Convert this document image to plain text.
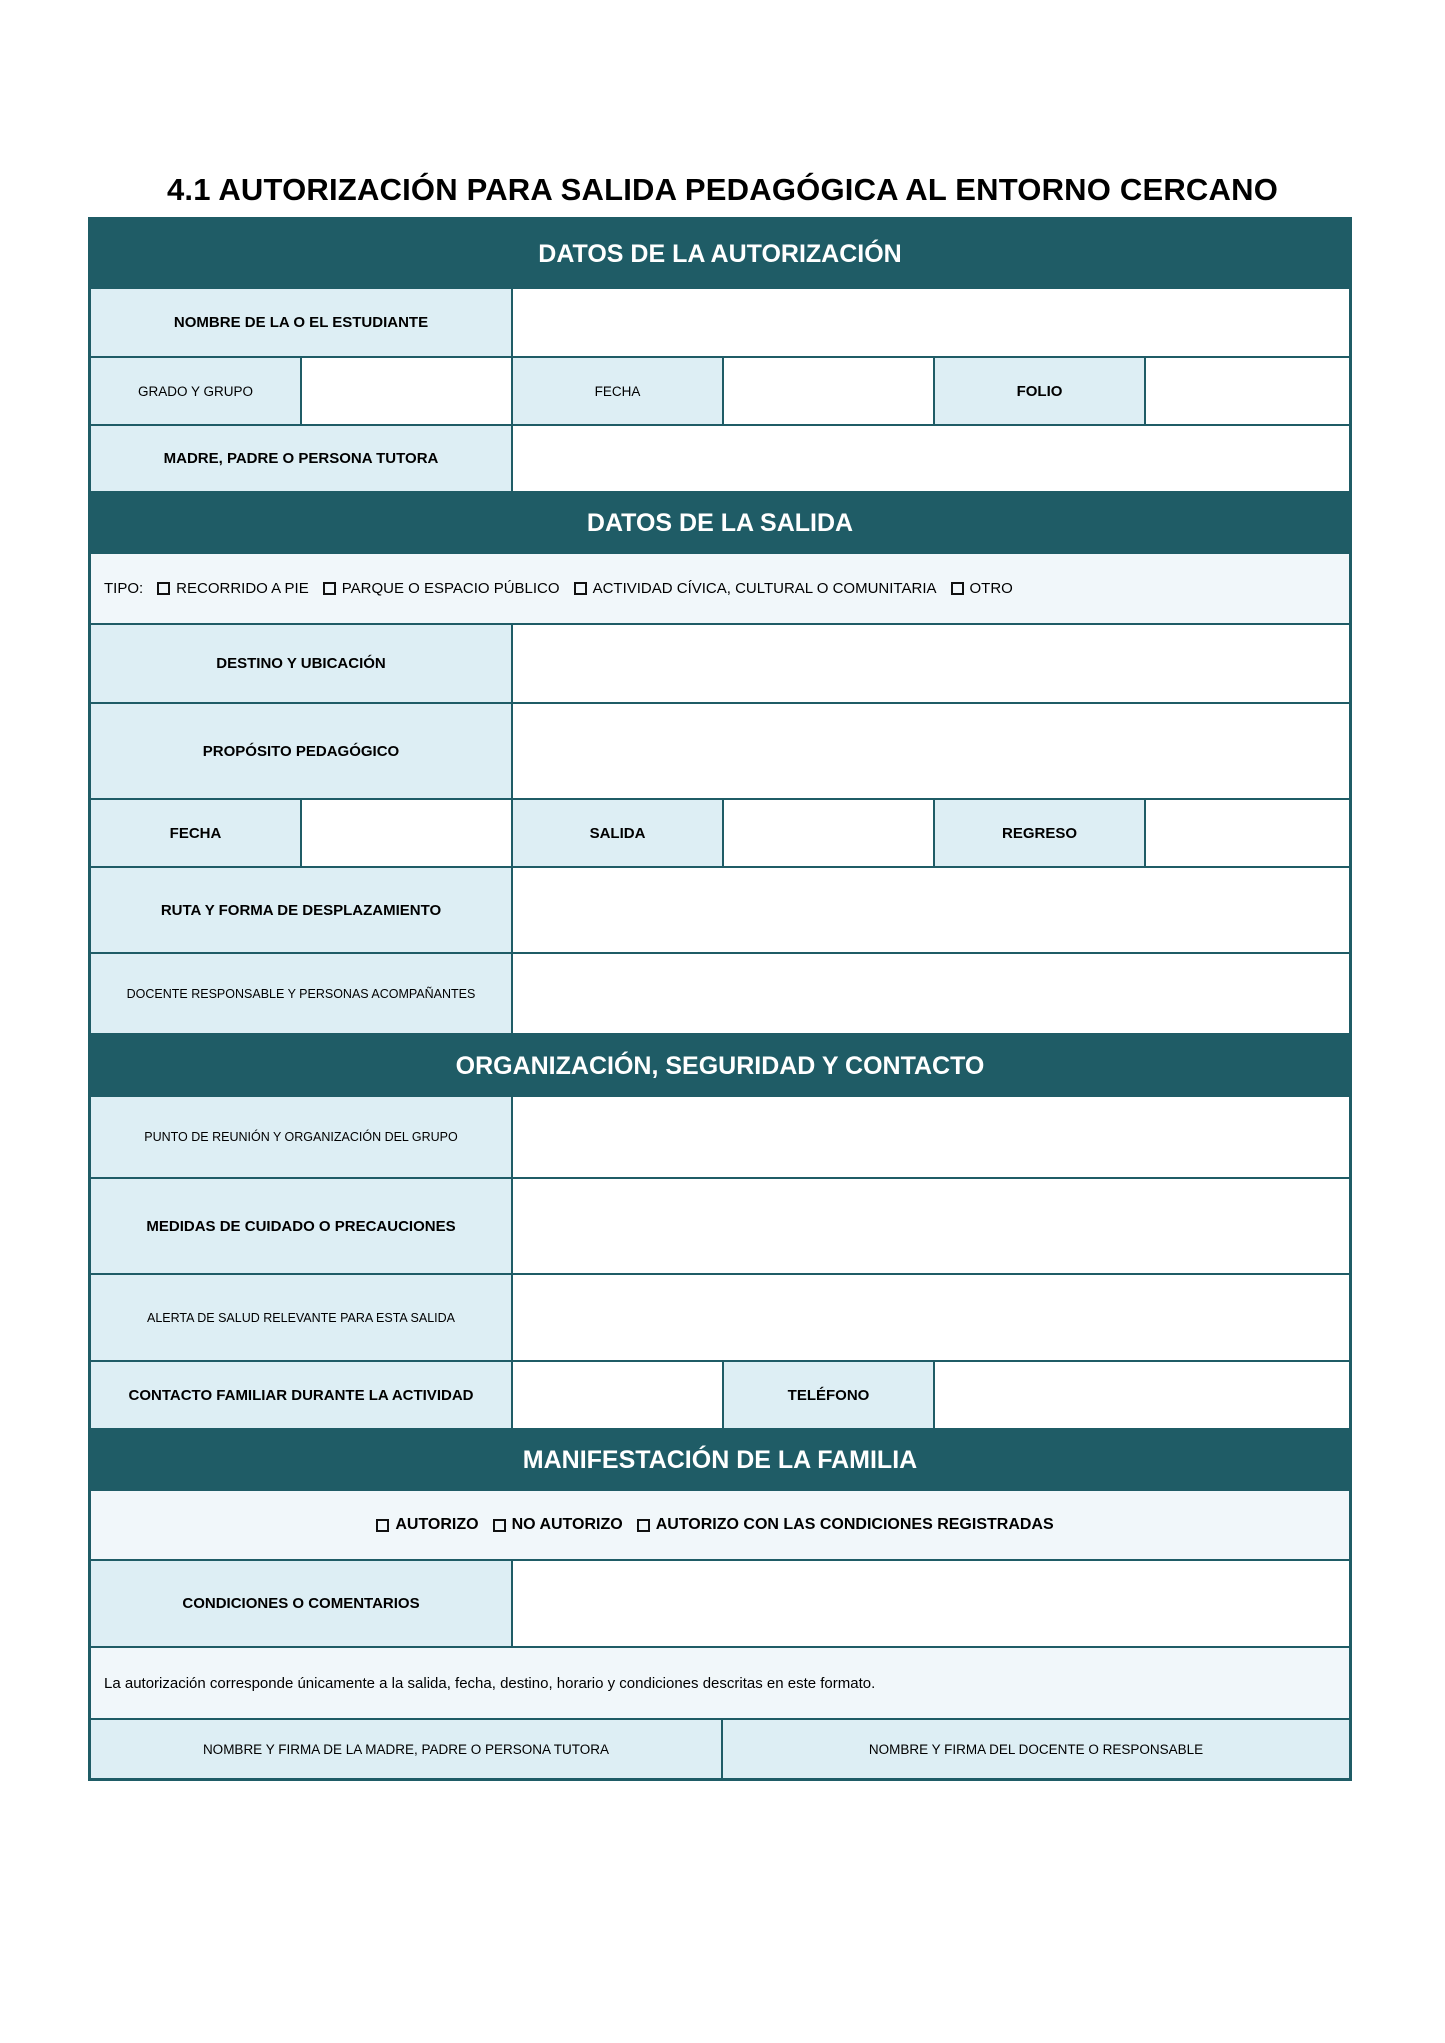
4.1 AUTORIZACIÓN PARA SALIDA PEDAGÓGICA AL ENTORNO CERCANO
DATOS DE LA AUTORIZACIÓN
NOMBRE DE LA O EL ESTUDIANTE
GRADO Y GRUPO	FECHA	FOLIO
MADRE, PADRE O PERSONA TUTORA
DATOS DE LA SALIDA
TIPO: RECORRIDO A PIE PARQUE O ESPACIO PÚBLICO ACTIVIDAD CÍVICA, CULTURAL O COMUNITARIA OTRO
DESTINO Y UBICACIÓN
PROPÓSITO PEDAGÓGICO
FECHA	SALIDA	REGRESO
RUTA Y FORMA DE DESPLAZAMIENTO
DOCENTE RESPONSABLE Y PERSONAS ACOMPAÑANTES
ORGANIZACIÓN, SEGURIDAD Y CONTACTO
PUNTO DE REUNIÓN Y ORGANIZACIÓN DEL GRUPO
MEDIDAS DE CUIDADO O PRECAUCIONES
ALERTA DE SALUD RELEVANTE PARA ESTA SALIDA
CONTACTO FAMILIAR DURANTE LA ACTIVIDAD	TELÉFONO
MANIFESTACIÓN DE LA FAMILIA
AUTORIZO NO AUTORIZO AUTORIZO CON LAS CONDICIONES REGISTRADAS
CONDICIONES O COMENTARIOS
La autorización corresponde únicamente a la salida, fecha, destino, horario y condiciones descritas en este formato.
NOMBRE Y FIRMA DE LA MADRE, PADRE O PERSONA TUTORA	NOMBRE Y FIRMA DEL DOCENTE O RESPONSABLE
